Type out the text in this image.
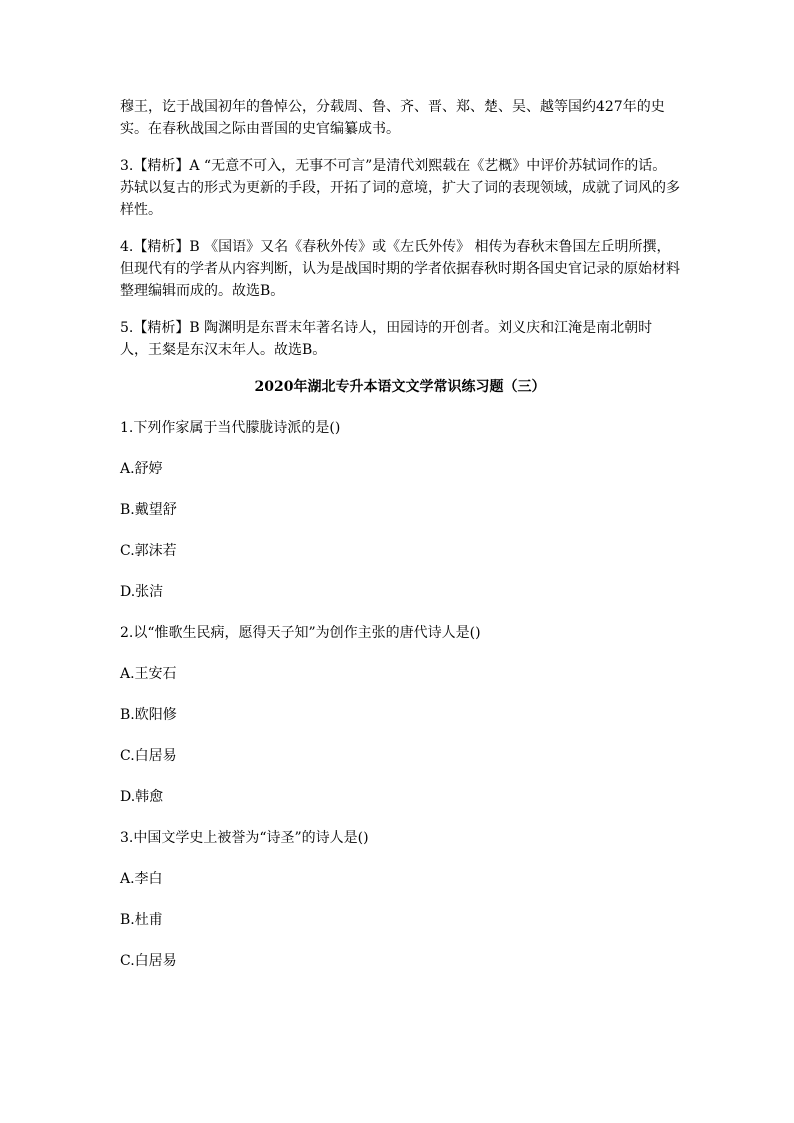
穆王，讫于战国初年的鲁悼公，分载周、鲁、齐、晋、郑、楚、吴、越等国约427年的史实。在春秋战国之际由晋国的史官编纂成书。

3.【精析】A “无意不可入，无事不可言”是清代刘熙载在《艺概》中评价苏轼词作的话。苏轼以复古的形式为更新的手段，开拓了词的意境，扩大了词的表现领域，成就了词风的多样性。

4.【精析】B 《国语》又名《春秋外传》或《左氏外传》 相传为春秋末鲁国左丘明所撰，但现代有的学者从内容判断，认为是战国时期的学者依据春秋时期各国史官记录的原始材料整理编辑而成的。故选B。

5.【精析】B 陶渊明是东晋末年著名诗人，田园诗的开创者。刘义庆和江淹是南北朝时人，王粲是东汉末年人。故选B。

2020年湖北专升本语文文学常识练习题（三）

1.下列作家属于当代朦胧诗派的是()

A.舒婷

B.戴望舒

C.郭沫若

D.张洁

2.以“惟歌生民病，愿得天子知”为创作主张的唐代诗人是()

A.王安石

B.欧阳修

C.白居易

D.韩愈

3.中国文学史上被誉为“诗圣”的诗人是()

A.李白

B.杜甫

C.白居易
